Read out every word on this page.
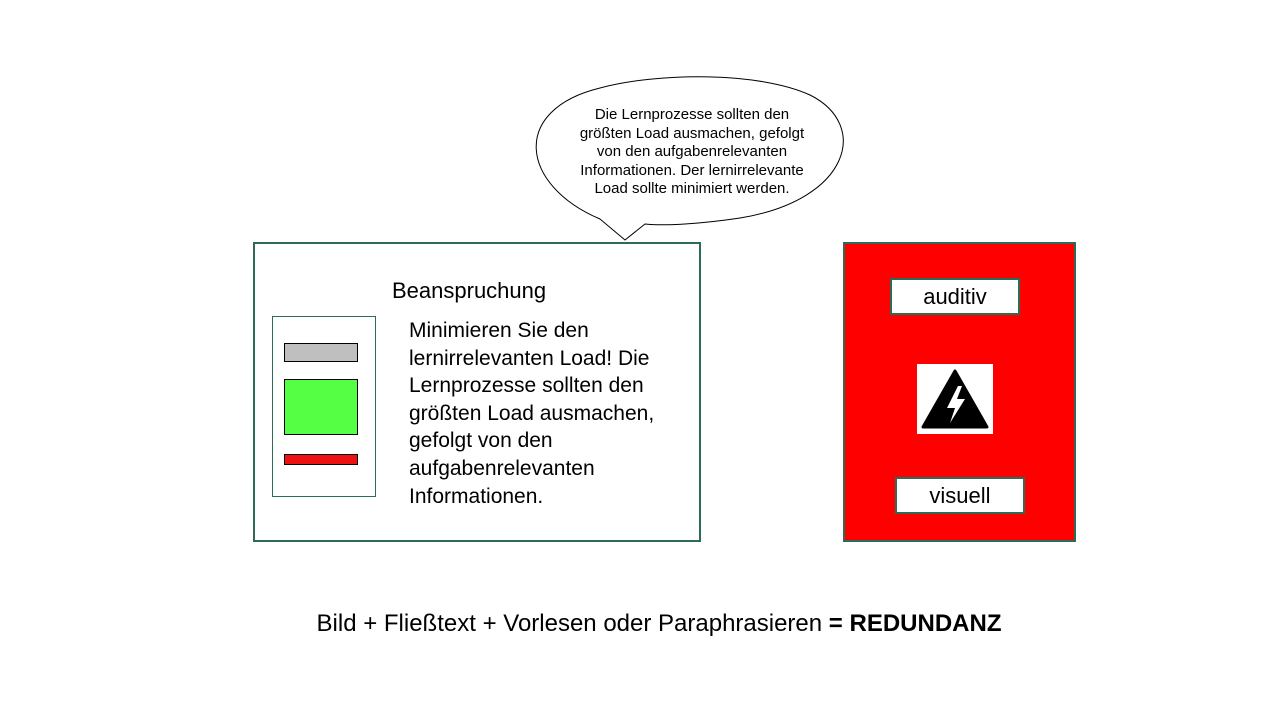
Die Lernprozesse sollten den größten Load ausmachen, gefolgt von den aufgabenrelevanten Informationen. Der lernirrelevante Load sollte minimiert werden.
Beanspruchung
Minimieren Sie den lernirrelevanten Load! Die Lernprozesse sollten den größten Load ausmachen, gefolgt von den aufgabenrelevanten Informationen.
auditiv
visuell
Bild + Fließtext + Vorlesen oder Paraphrasieren = REDUNDANZ
